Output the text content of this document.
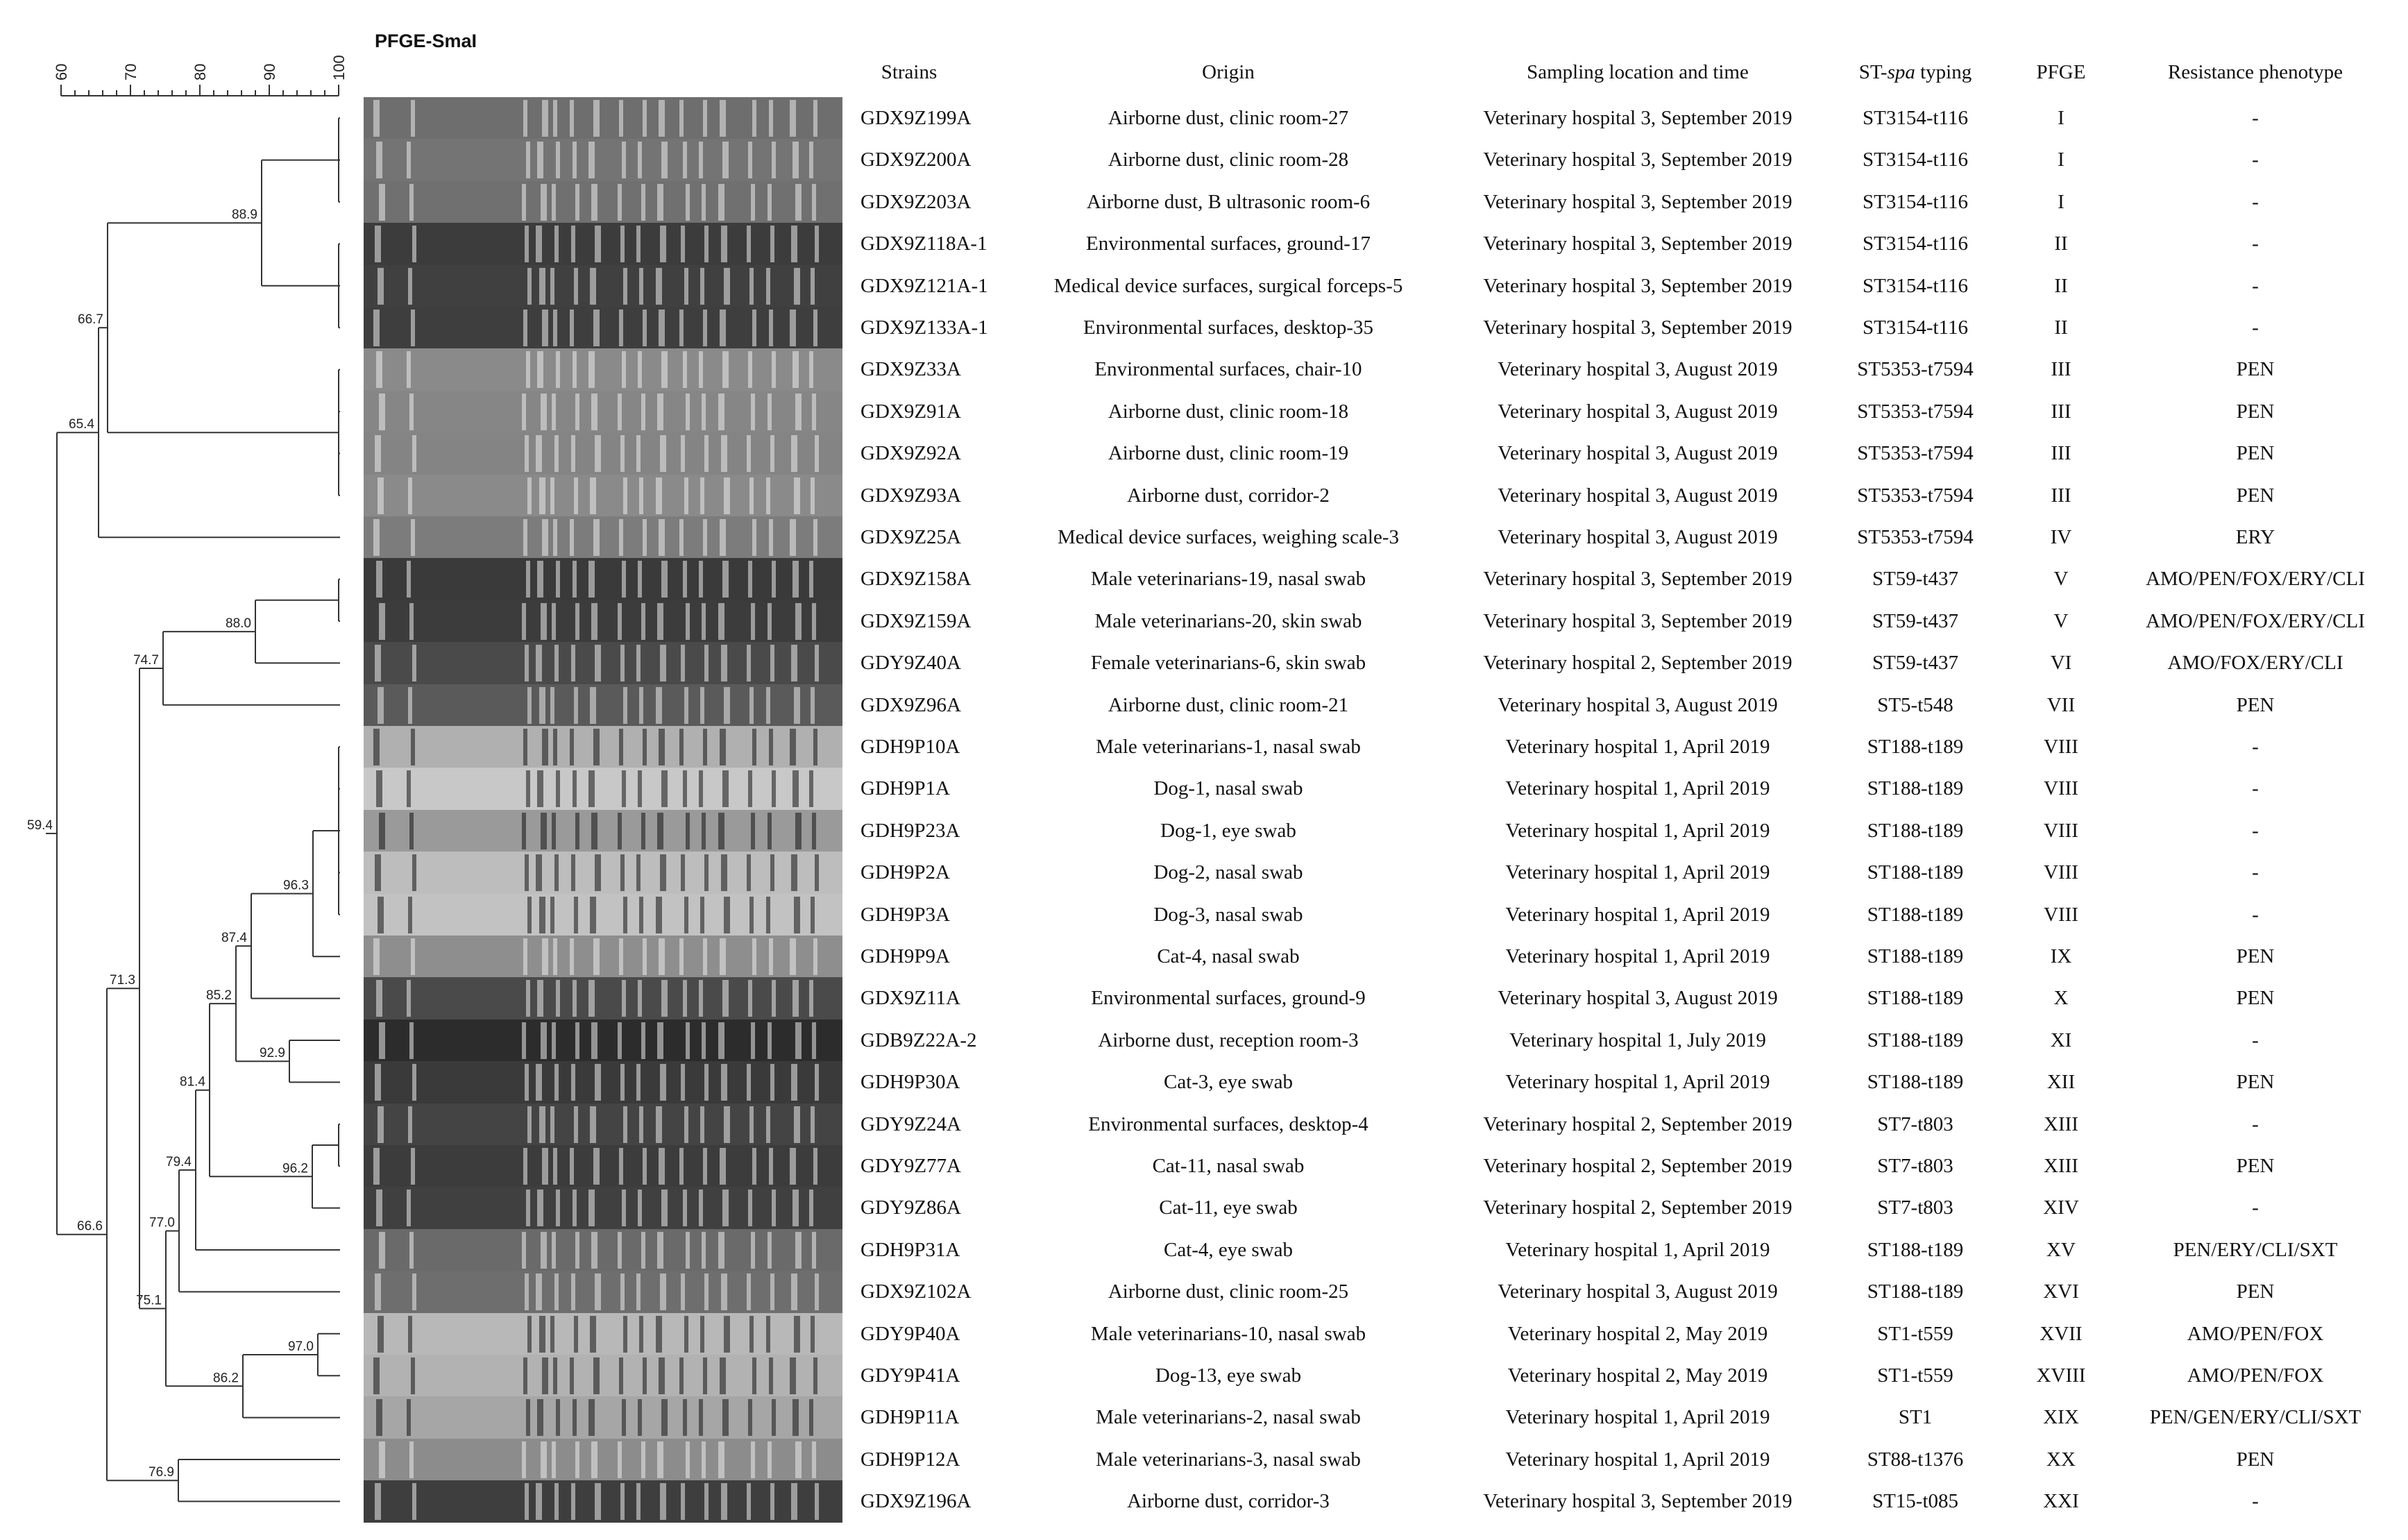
60	70	80	90	100
88.9
66.7
65.4
88.0
74.7
96.3
87.4
92.9
85.2
96.2
81.4
79.4
77.0
97.0
86.2
75.1
71.3
76.9
66.6
59.4
PFGE-SmaI
Strains	Origin	Sampling location and time	ST-spa typing	PFGE	Resistance phenotype
GDX9Z199A	Airborne dust, clinic room-27	Veterinary hospital 3, September 2019	ST3154-t116	I	-
GDX9Z200A	Airborne dust, clinic room-28	Veterinary hospital 3, September 2019	ST3154-t116	I	-
GDX9Z203A	Airborne dust, B ultrasonic room-6	Veterinary hospital 3, September 2019	ST3154-t116	I	-
GDX9Z118A-1	Environmental surfaces, ground-17	Veterinary hospital 3, September 2019	ST3154-t116	II	-
GDX9Z121A-1	Medical device surfaces, surgical forceps-5	Veterinary hospital 3, September 2019	ST3154-t116	II	-
GDX9Z133A-1	Environmental surfaces, desktop-35	Veterinary hospital 3, September 2019	ST3154-t116	II	-
GDX9Z33A	Environmental surfaces, chair-10	Veterinary hospital 3, August 2019	ST5353-t7594	III	PEN
GDX9Z91A	Airborne dust, clinic room-18	Veterinary hospital 3, August 2019	ST5353-t7594	III	PEN
GDX9Z92A	Airborne dust, clinic room-19	Veterinary hospital 3, August 2019	ST5353-t7594	III	PEN
GDX9Z93A	Airborne dust, corridor-2	Veterinary hospital 3, August 2019	ST5353-t7594	III	PEN
GDX9Z25A	Medical device surfaces, weighing scale-3	Veterinary hospital 3, August 2019	ST5353-t7594	IV	ERY
GDX9Z158A	Male veterinarians-19, nasal swab	Veterinary hospital 3, September 2019	ST59-t437	V	AMO/PEN/FOX/ERY/CLI
GDX9Z159A	Male veterinarians-20, skin swab	Veterinary hospital 3, September 2019	ST59-t437	V	AMO/PEN/FOX/ERY/CLI
GDY9Z40A	Female veterinarians-6, skin swab	Veterinary hospital 2, September 2019	ST59-t437	VI	AMO/FOX/ERY/CLI
GDX9Z96A	Airborne dust, clinic room-21	Veterinary hospital 3, August 2019	ST5-t548	VII	PEN
GDH9P10A	Male veterinarians-1, nasal swab	Veterinary hospital 1, April 2019	ST188-t189	VIII	-
GDH9P1A	Dog-1, nasal swab	Veterinary hospital 1, April 2019	ST188-t189	VIII	-
GDH9P23A	Dog-1, eye swab	Veterinary hospital 1, April 2019	ST188-t189	VIII	-
GDH9P2A	Dog-2, nasal swab	Veterinary hospital 1, April 2019	ST188-t189	VIII	-
GDH9P3A	Dog-3, nasal swab	Veterinary hospital 1, April 2019	ST188-t189	VIII	-
GDH9P9A	Cat-4, nasal swab	Veterinary hospital 1, April 2019	ST188-t189	IX	PEN
GDX9Z11A	Environmental surfaces, ground-9	Veterinary hospital 3, August 2019	ST188-t189	X	PEN
GDB9Z22A-2	Airborne dust, reception room-3	Veterinary hospital 1, July 2019	ST188-t189	XI	-
GDH9P30A	Cat-3, eye swab	Veterinary hospital 1, April 2019	ST188-t189	XII	PEN
GDY9Z24A	Environmental surfaces, desktop-4	Veterinary hospital 2, September 2019	ST7-t803	XIII	-
GDY9Z77A	Cat-11, nasal swab	Veterinary hospital 2, September 2019	ST7-t803	XIII	PEN
GDY9Z86A	Cat-11, eye swab	Veterinary hospital 2, September 2019	ST7-t803	XIV	-
GDH9P31A	Cat-4, eye swab	Veterinary hospital 1, April 2019	ST188-t189	XV	PEN/ERY/CLI/SXT
GDX9Z102A	Airborne dust, clinic room-25	Veterinary hospital 3, August 2019	ST188-t189	XVI	PEN
GDY9P40A	Male veterinarians-10, nasal swab	Veterinary hospital 2, May 2019	ST1-t559	XVII	AMO/PEN/FOX
GDY9P41A	Dog-13, eye swab	Veterinary hospital 2, May 2019	ST1-t559	XVIII	AMO/PEN/FOX
GDH9P11A	Male veterinarians-2, nasal swab	Veterinary hospital 1, April 2019	ST1	XIX	PEN/GEN/ERY/CLI/SXT
GDH9P12A	Male veterinarians-3, nasal swab	Veterinary hospital 1, April 2019	ST88-t1376	XX	PEN
GDX9Z196A	Airborne dust, corridor-3	Veterinary hospital 3, September 2019	ST15-t085	XXI	-
